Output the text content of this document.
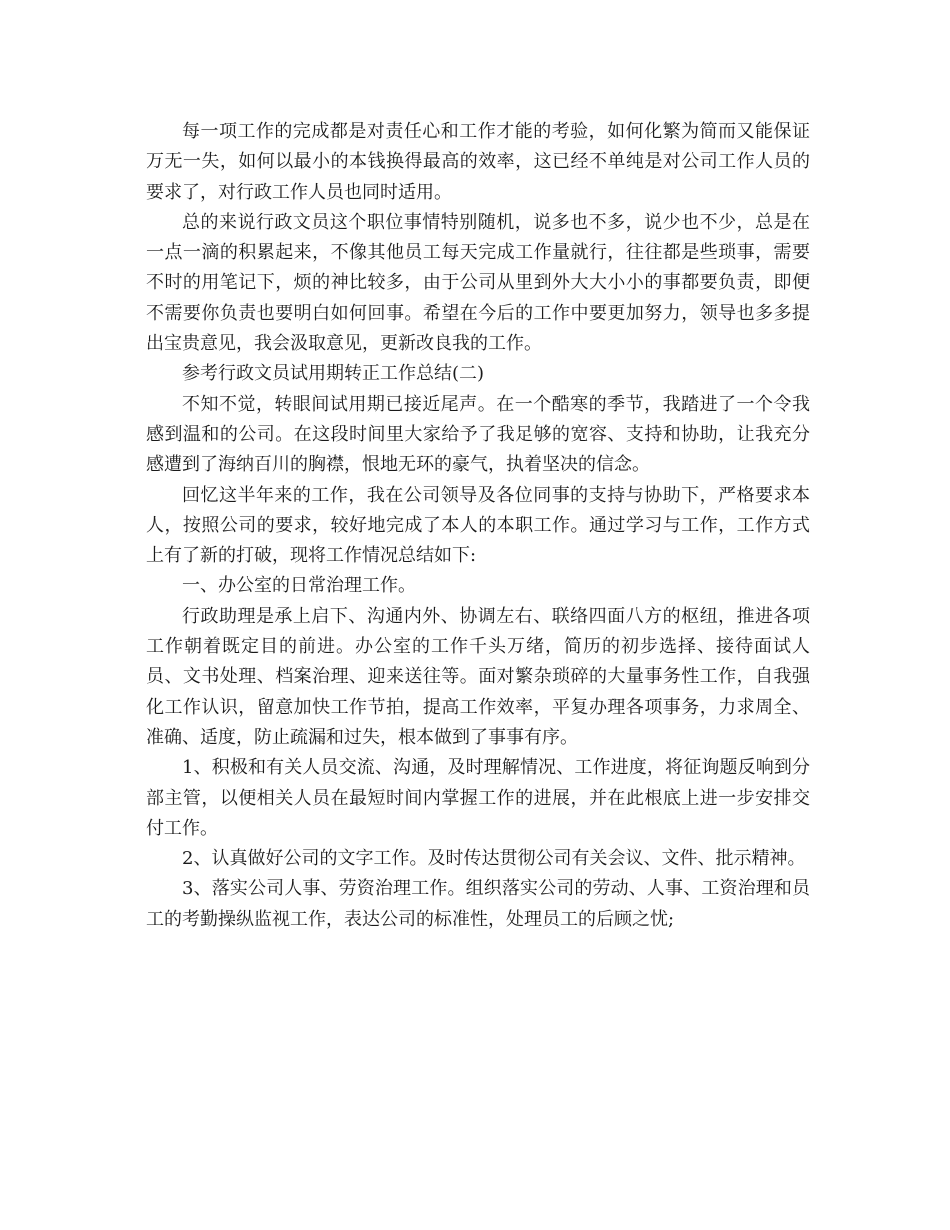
每一项工作的完成都是对责任心和工作才能的考验，如何化繁为简而又能保证万无一失，如何以最小的本钱换得最高的效率，这已经不单纯是对公司工作人员的要求了，对行政工作人员也同时适用。

总的来说行政文员这个职位事情特别随机，说多也不多，说少也不少，总是在一点一滴的积累起来，不像其他员工每天完成工作量就行，往往都是些琐事，需要不时的用笔记下，烦的神比较多，由于公司从里到外大大小小的事都要负责，即便不需要你负责也要明白如何回事。希望在今后的工作中要更加努力，领导也多多提出宝贵意见，我会汲取意见，更新改良我的工作。

参考行政文员试用期转正工作总结(二)

不知不觉，转眼间试用期已接近尾声。在一个酷寒的季节，我踏进了一个令我感到温和的公司。在这段时间里大家给予了我足够的宽容、支持和协助，让我充分感遭到了海纳百川的胸襟，恨地无环的豪气，执着坚决的信念。

回忆这半年来的工作，我在公司领导及各位同事的支持与协助下，严格要求本人，按照公司的要求，较好地完成了本人的本职工作。通过学习与工作，工作方式上有了新的打破，现将工作情况总结如下:

一、办公室的日常治理工作。

行政助理是承上启下、沟通内外、协调左右、联络四面八方的枢纽，推进各项工作朝着既定目的前进。办公室的工作千头万绪，简历的初步选择、接待面试人员、文书处理、档案治理、迎来送往等。面对繁杂琐碎的大量事务性工作，自我强化工作认识，留意加快工作节拍，提高工作效率，平复办理各项事务，力求周全、准确、适度，防止疏漏和过失，根本做到了事事有序。

1、积极和有关人员交流、沟通，及时理解情况、工作进度，将征询题反响到分部主管，以便相关人员在最短时间内掌握工作的进展，并在此根底上进一步安排交付工作。

2、认真做好公司的文字工作。及时传达贯彻公司有关会议、文件、批示精神。

3、落实公司人事、劳资治理工作。组织落实公司的劳动、人事、工资治理和员工的考勤操纵监视工作，表达公司的标准性，处理员工的后顾之忧;
